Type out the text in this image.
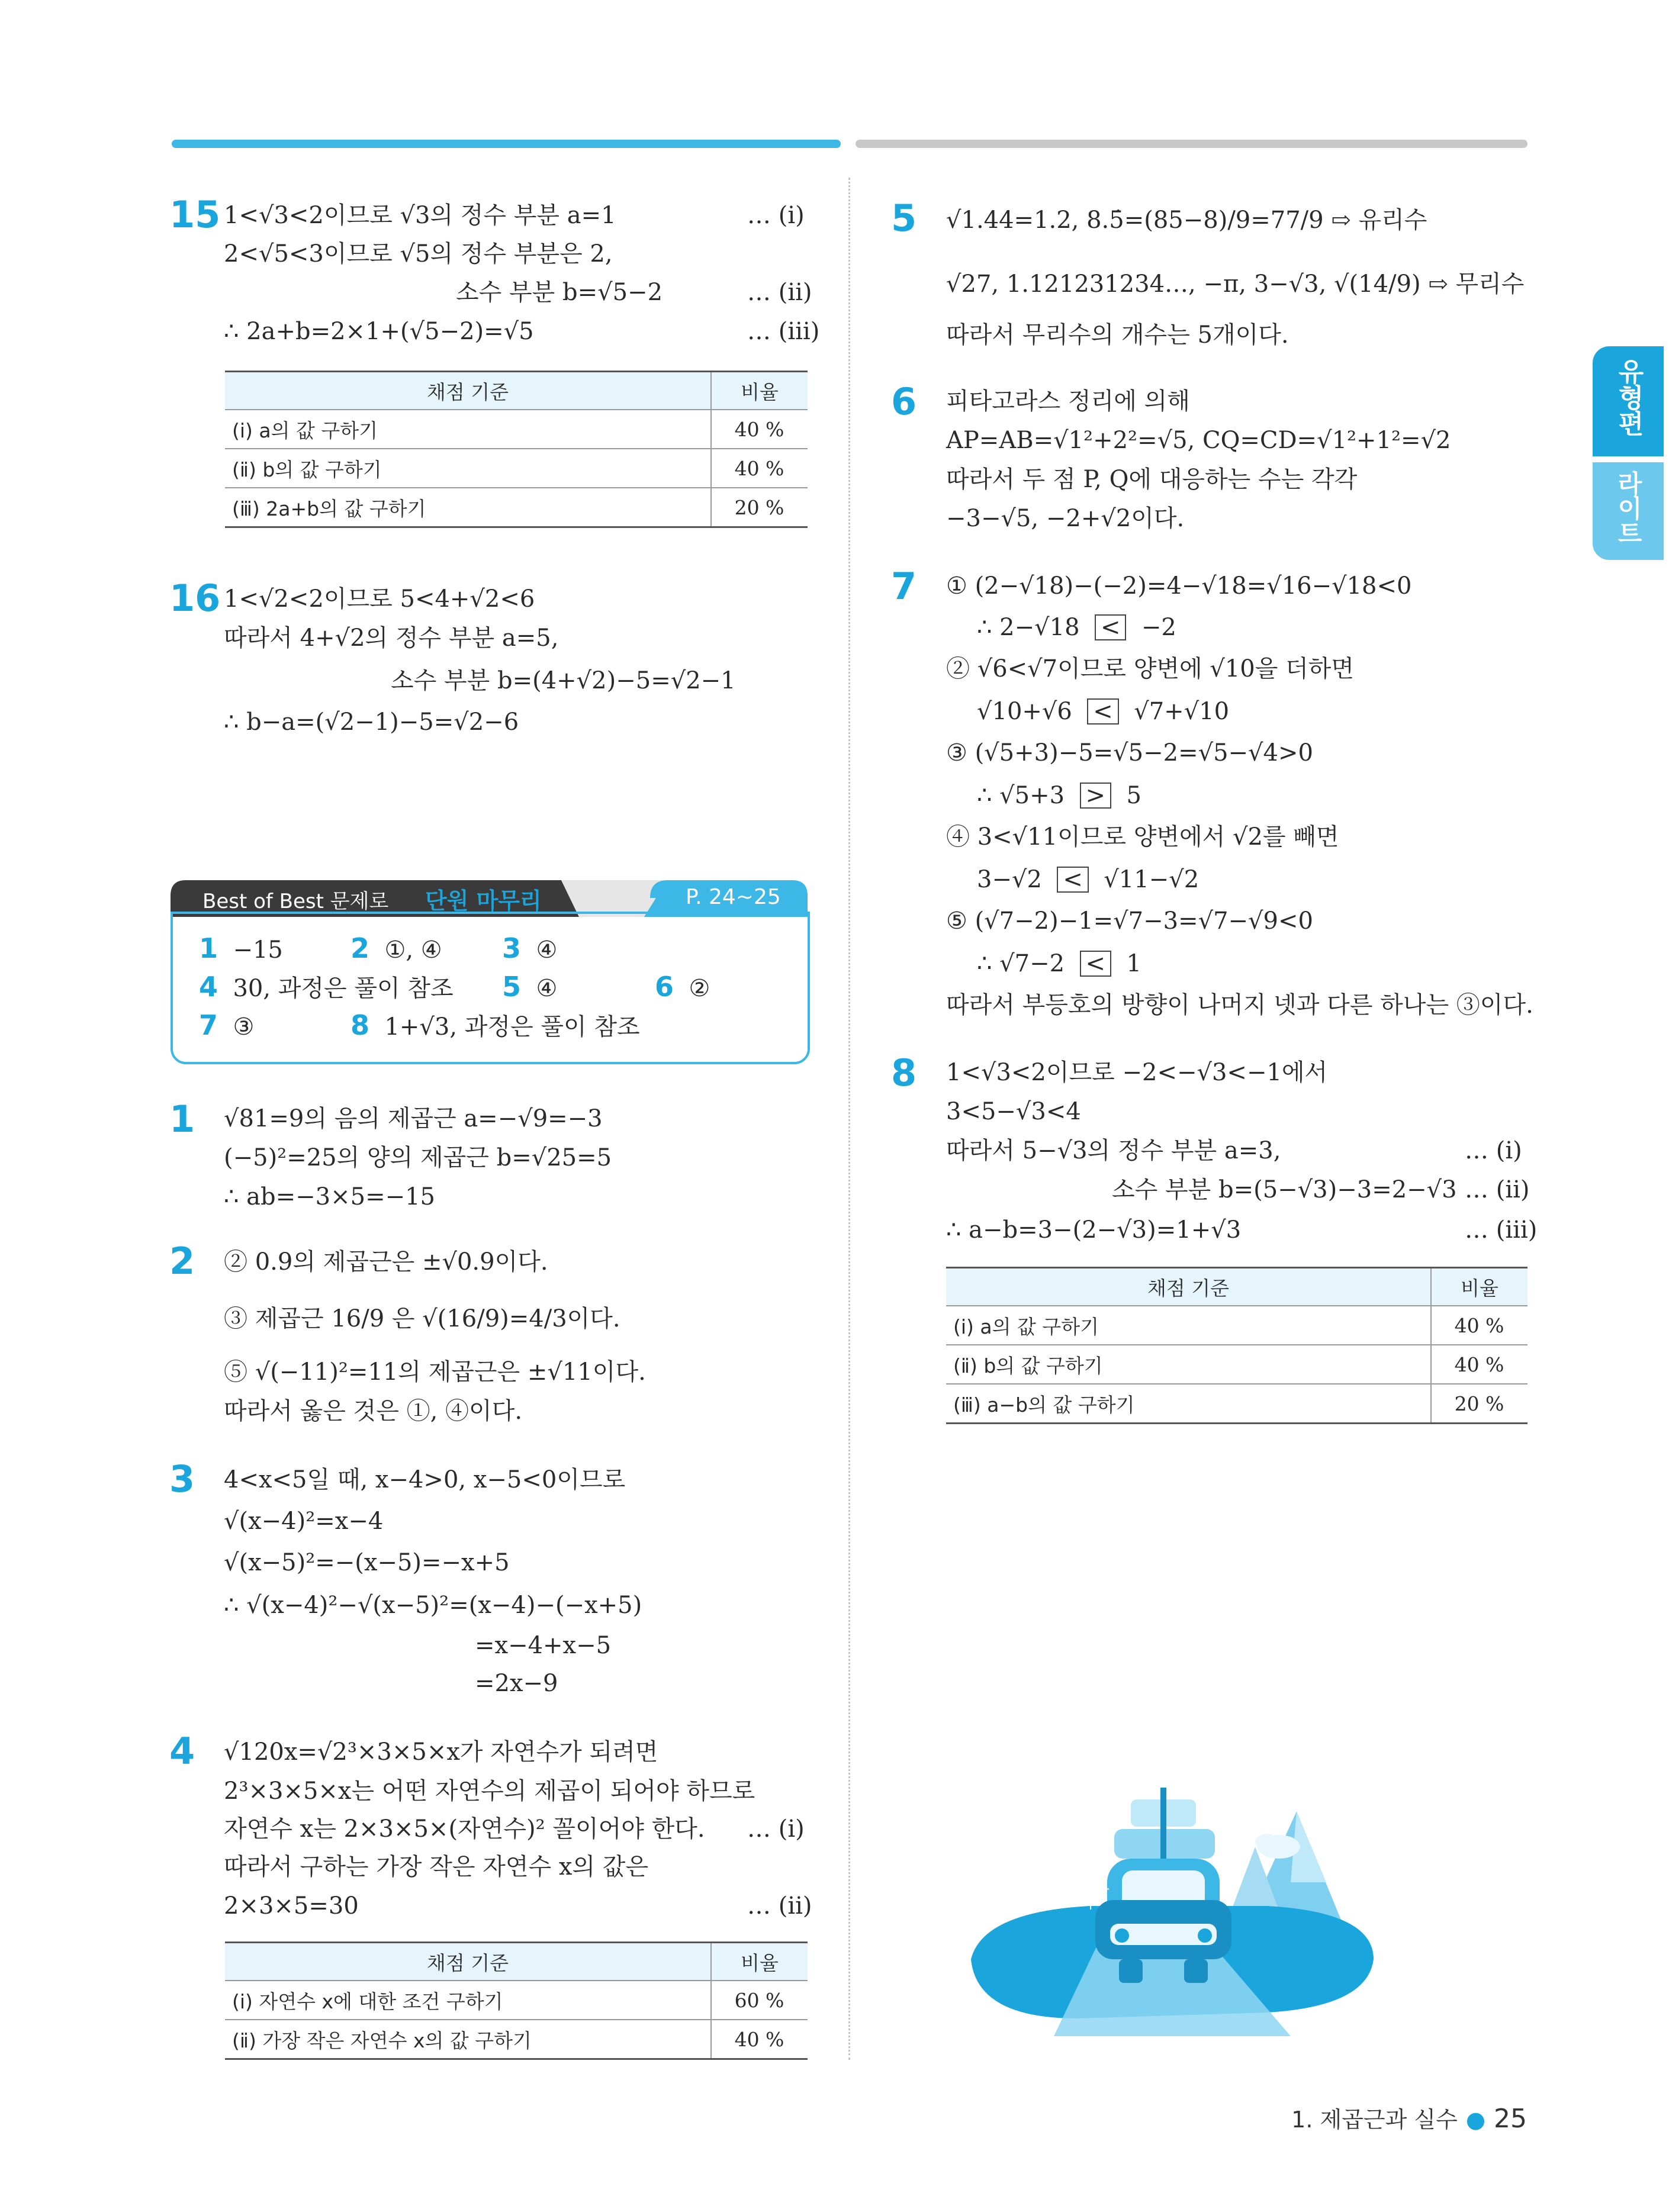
유형편
라이트
15 1<√3<2이므로 √3의 정수 부분 a=1
2<√5<3이므로 √5의 정수 부분은 2,
소수 부분 b=√5−2
∴ 2a+b=2×1+(√5−2)=√5
… (ⅰ)
… (ⅱ)
… (ⅲ)
채점 기준	비율
(ⅰ) a의 값 구하기	40 %
(ⅱ) b의 값 구하기	40 %
(ⅲ) 2a+b의 값 구하기	20 %
16 1<√2<2이므로 5<4+√2<6
따라서 4+√2의 정수 부분 a=5,
소수 부분 b=(4+√2)−5=√2−1
∴ b−a=(√2−1)−5=√2−6
Best of Best 문제로 단원 마무리	P. 24~25
1 −15 2 ①, ④ 3 ④
4 30, 과정은 풀이 참조 5 ④	6 ②
7 ③	8 1+√3, 과정은 풀이 참조
1 √81=9의 음의 제곱근 a=−√9=−3
(−5)²=25의 양의 제곱근 b=√25=5
∴ ab=−3×5=−15
2 ② 0.9의 제곱근은 ±√0.9이다.
③ 제곱근 16/9 은 √(16/9)=4/3이다.
⑤ √(−11)²=11의 제곱근은 ±√11이다.
따라서 옳은 것은 ①, ④이다.
3 4<x<5일 때, x−4>0, x−5<0이므로
√(x−4)²=x−4
√(x−5)²=−(x−5)=−x+5
∴ √(x−4)²−√(x−5)²=(x−4)−(−x+5)
=x−4+x−5
=2x−9
4 √120x=√2³×3×5×x가 자연수가 되려면
2³×3×5×x는 어떤 자연수의 제곱이 되어야 하므로
자연수 x는 2×3×5×(자연수)² 꼴이어야 한다.
따라서 구하는 가장 작은 자연수 x의 값은
2×3×5=30
… (ⅰ)
… (ⅱ)
채점 기준	비율
(ⅰ) 자연수 x에 대한 조건 구하기	60 %
(ⅱ) 가장 작은 자연수 x의 값 구하기	40 %
5 √1.44=1.2, 8.5̇=(85−8)/9=77/9 ⇨ 유리수
√27, 1.121231234…, −π, 3−√3, √(14/9) ⇨ 무리수
따라서 무리수의 개수는 5개이다.
6 피타고라스 정리에 의해
AP=AB=√1²+2²=√5, CQ=CD=√1²+1²=√2
따라서 두 점 P, Q에 대응하는 수는 각각
−3−√5, −2+√2이다.
7 ① (2−√18)−(−2)=4−√18=√16−√18<0
∴ 2−√18 < −2
② √6<√7이므로 양변에 √10을 더하면
√10+√6 < √7+√10
③ (√5+3)−5=√5−2=√5−√4>0
∴ √5+3 > 5
④ 3<√11이므로 양변에서 √2를 빼면
3−√2 < √11−√2
⑤ (√7−2)−1=√7−3=√7−√9<0
∴ √7−2 < 1
따라서 부등호의 방향이 나머지 넷과 다른 하나는 ③이다.
8 1<√3<2이므로 −2<−√3<−1에서
3<5−√3<4
따라서 5−√3의 정수 부분 a=3,
소수 부분 b=(5−√3)−3=2−√3
∴ a−b=3−(2−√3)=1+√3
… (ⅰ)
… (ⅱ)
… (ⅲ)
채점 기준	비율
(ⅰ) a의 값 구하기	40 %
(ⅱ) b의 값 구하기	40 %
(ⅲ) a−b의 값 구하기	20 %
+ +
+
1. 제곱근과 실수 ● 25
